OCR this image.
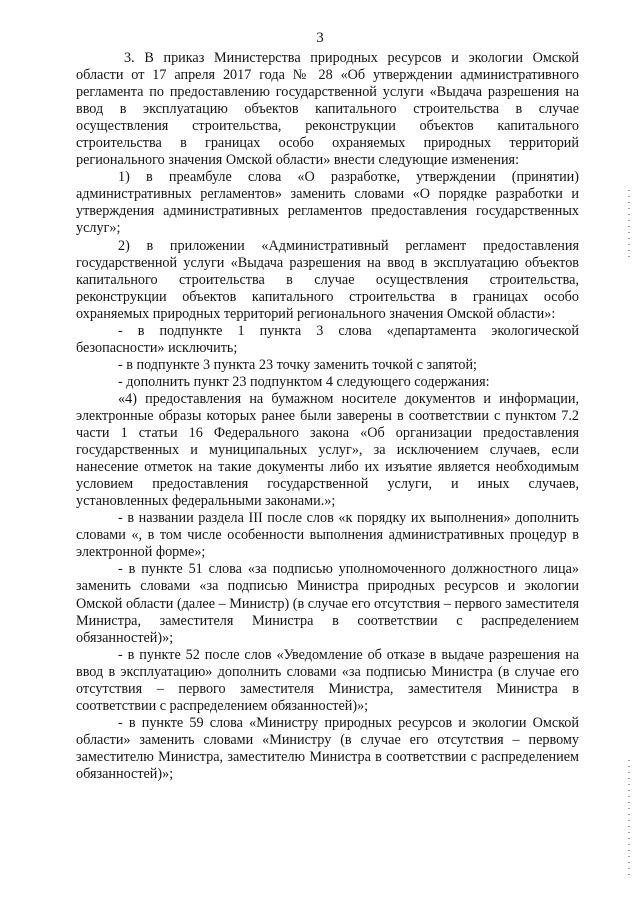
3

3. В приказ Министерства природных ресурсов и экологии Омской области от 17 апреля 2017 года № 28 «Об утверждении административного регламента по предоставлению государственной услуги «Выдача разрешения на ввод в эксплуатацию объектов капитального строительства в случае осуществления строительства, реконструкции объектов капитального строительства в границах особо охраняемых природных территорий регионального значения Омской области» внести следующие изменения:

1) в преамбуле слова «О разработке, утверждении (принятии) административных регламентов» заменить словами «О порядке разработки и утверждения административных регламентов предоставления государственных услуг»;

2) в приложении «Административный регламент предоставления государственной услуги «Выдача разрешения на ввод в эксплуатацию объектов капитального строительства в случае осуществления строительства, реконструкции объектов капитального строительства в границах особо охраняемых природных территорий регионального значения Омской области»:

- в подпункте 1 пункта 3 слова «департамента экологической безопасности» исключить;

- в подпункте 3 пункта 23 точку заменить точкой с запятой;

- дополнить пункт 23 подпунктом 4 следующего содержания:

«4) предоставления на бумажном носителе документов и информации, электронные образы которых ранее были заверены в соответствии с пунктом 7.2 части 1 статьи 16 Федерального закона «Об организации предоставления государственных и муниципальных услуг», за исключением случаев, если нанесение отметок на такие документы либо их изъятие является необходимым условием предоставления государственной услуги, и иных случаев, установленных федеральными законами.»;

- в названии раздела III после слов «к порядку их выполнения» дополнить словами «, в том числе особенности выполнения административных процедур в электронной форме»;

- в пункте 51 слова «за подписью уполномоченного должностного лица» заменить словами «за подписью Министра природных ресурсов и экологии Омской области (далее – Министр) (в случае его отсутствия – первого заместителя Министра, заместителя Министра в соответствии с распределением обязанностей)»;

- в пункте 52 после слов «Уведомление об отказе в выдаче разрешения на ввод в эксплуатацию» дополнить словами «за подписью Министра (в случае его отсутствия – первого заместителя Министра, заместителя Министра в соответствии с распределением обязанностей)»;

- в пункте 59 слова «Министру природных ресурсов и экологии Омской области» заменить словами «Министру (в случае его отсутствия – первому заместителю Министра, заместителю Министра в соответствии с распределением обязанностей)»;
